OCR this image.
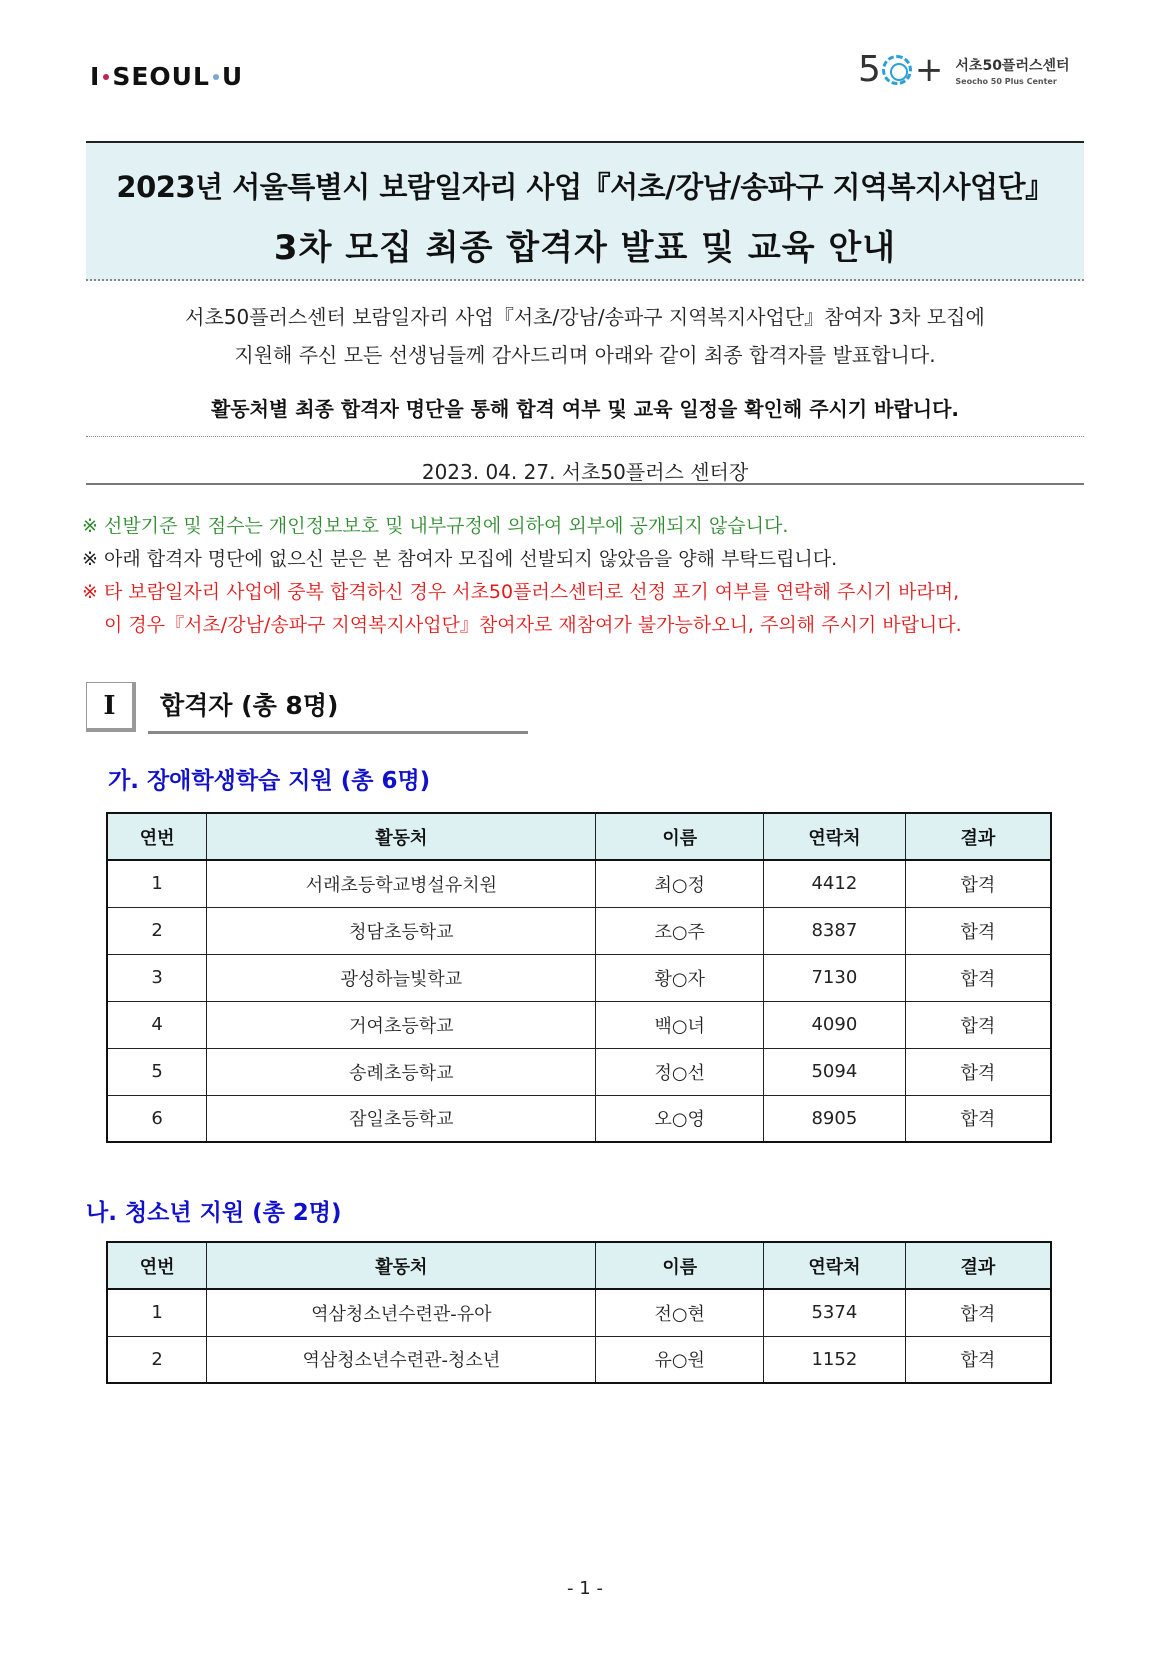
I SEOUL U	5 + 서초50플러스센터
Seocho 50 Plus Center
2023년 서울특별시 보람일자리 사업『서초/강남/송파구 지역복지사업단』
3차 모집 최종 합격자 발표 및 교육 안내
서초50플러스센터 보람일자리 사업『서초/강남/송파구 지역복지사업단』참여자 3차 모집에
지원해 주신 모든 선생님들께 감사드리며 아래와 같이 최종 합격자를 발표합니다.
활동처별 최종 합격자 명단을 통해 합격 여부 및 교육 일정을 확인해 주시기 바랍니다.
2023. 04. 27. 서초50플러스 센터장
※ 선발기준 및 점수는 개인정보보호 및 내부규정에 의하여 외부에 공개되지 않습니다.
※ 아래 합격자 명단에 없으신 분은 본 참여자 모집에 선발되지 않았음을 양해 부탁드립니다.
※ 타 보람일자리 사업에 중복 합격하신 경우 서초50플러스센터로 선정 포기 여부를 연락해 주시기 바라며,
이 경우『서초/강남/송파구 지역복지사업단』참여자로 재참여가 불가능하오니, 주의해 주시기 바랍니다.
I	합격자 (총 8명)
가. 장애학생학습 지원 (총 6명)
연번	활동처	이름	연락처	결과
1	서래초등학교병설유치원	최○정	4412	합격
2	청담초등학교	조○주	8387	합격
3	광성하늘빛학교	황○자	7130	합격
4	거여초등학교	백○녀	4090	합격
5	송례초등학교	정○선	5094	합격
6	잠일초등학교	오○영	8905	합격
나. 청소년 지원 (총 2명)
연번	활동처	이름	연락처	결과
1	역삼청소년수련관-유아	전○현	5374	합격
2	역삼청소년수련관-청소년	유○원	1152	합격
- 1 -
